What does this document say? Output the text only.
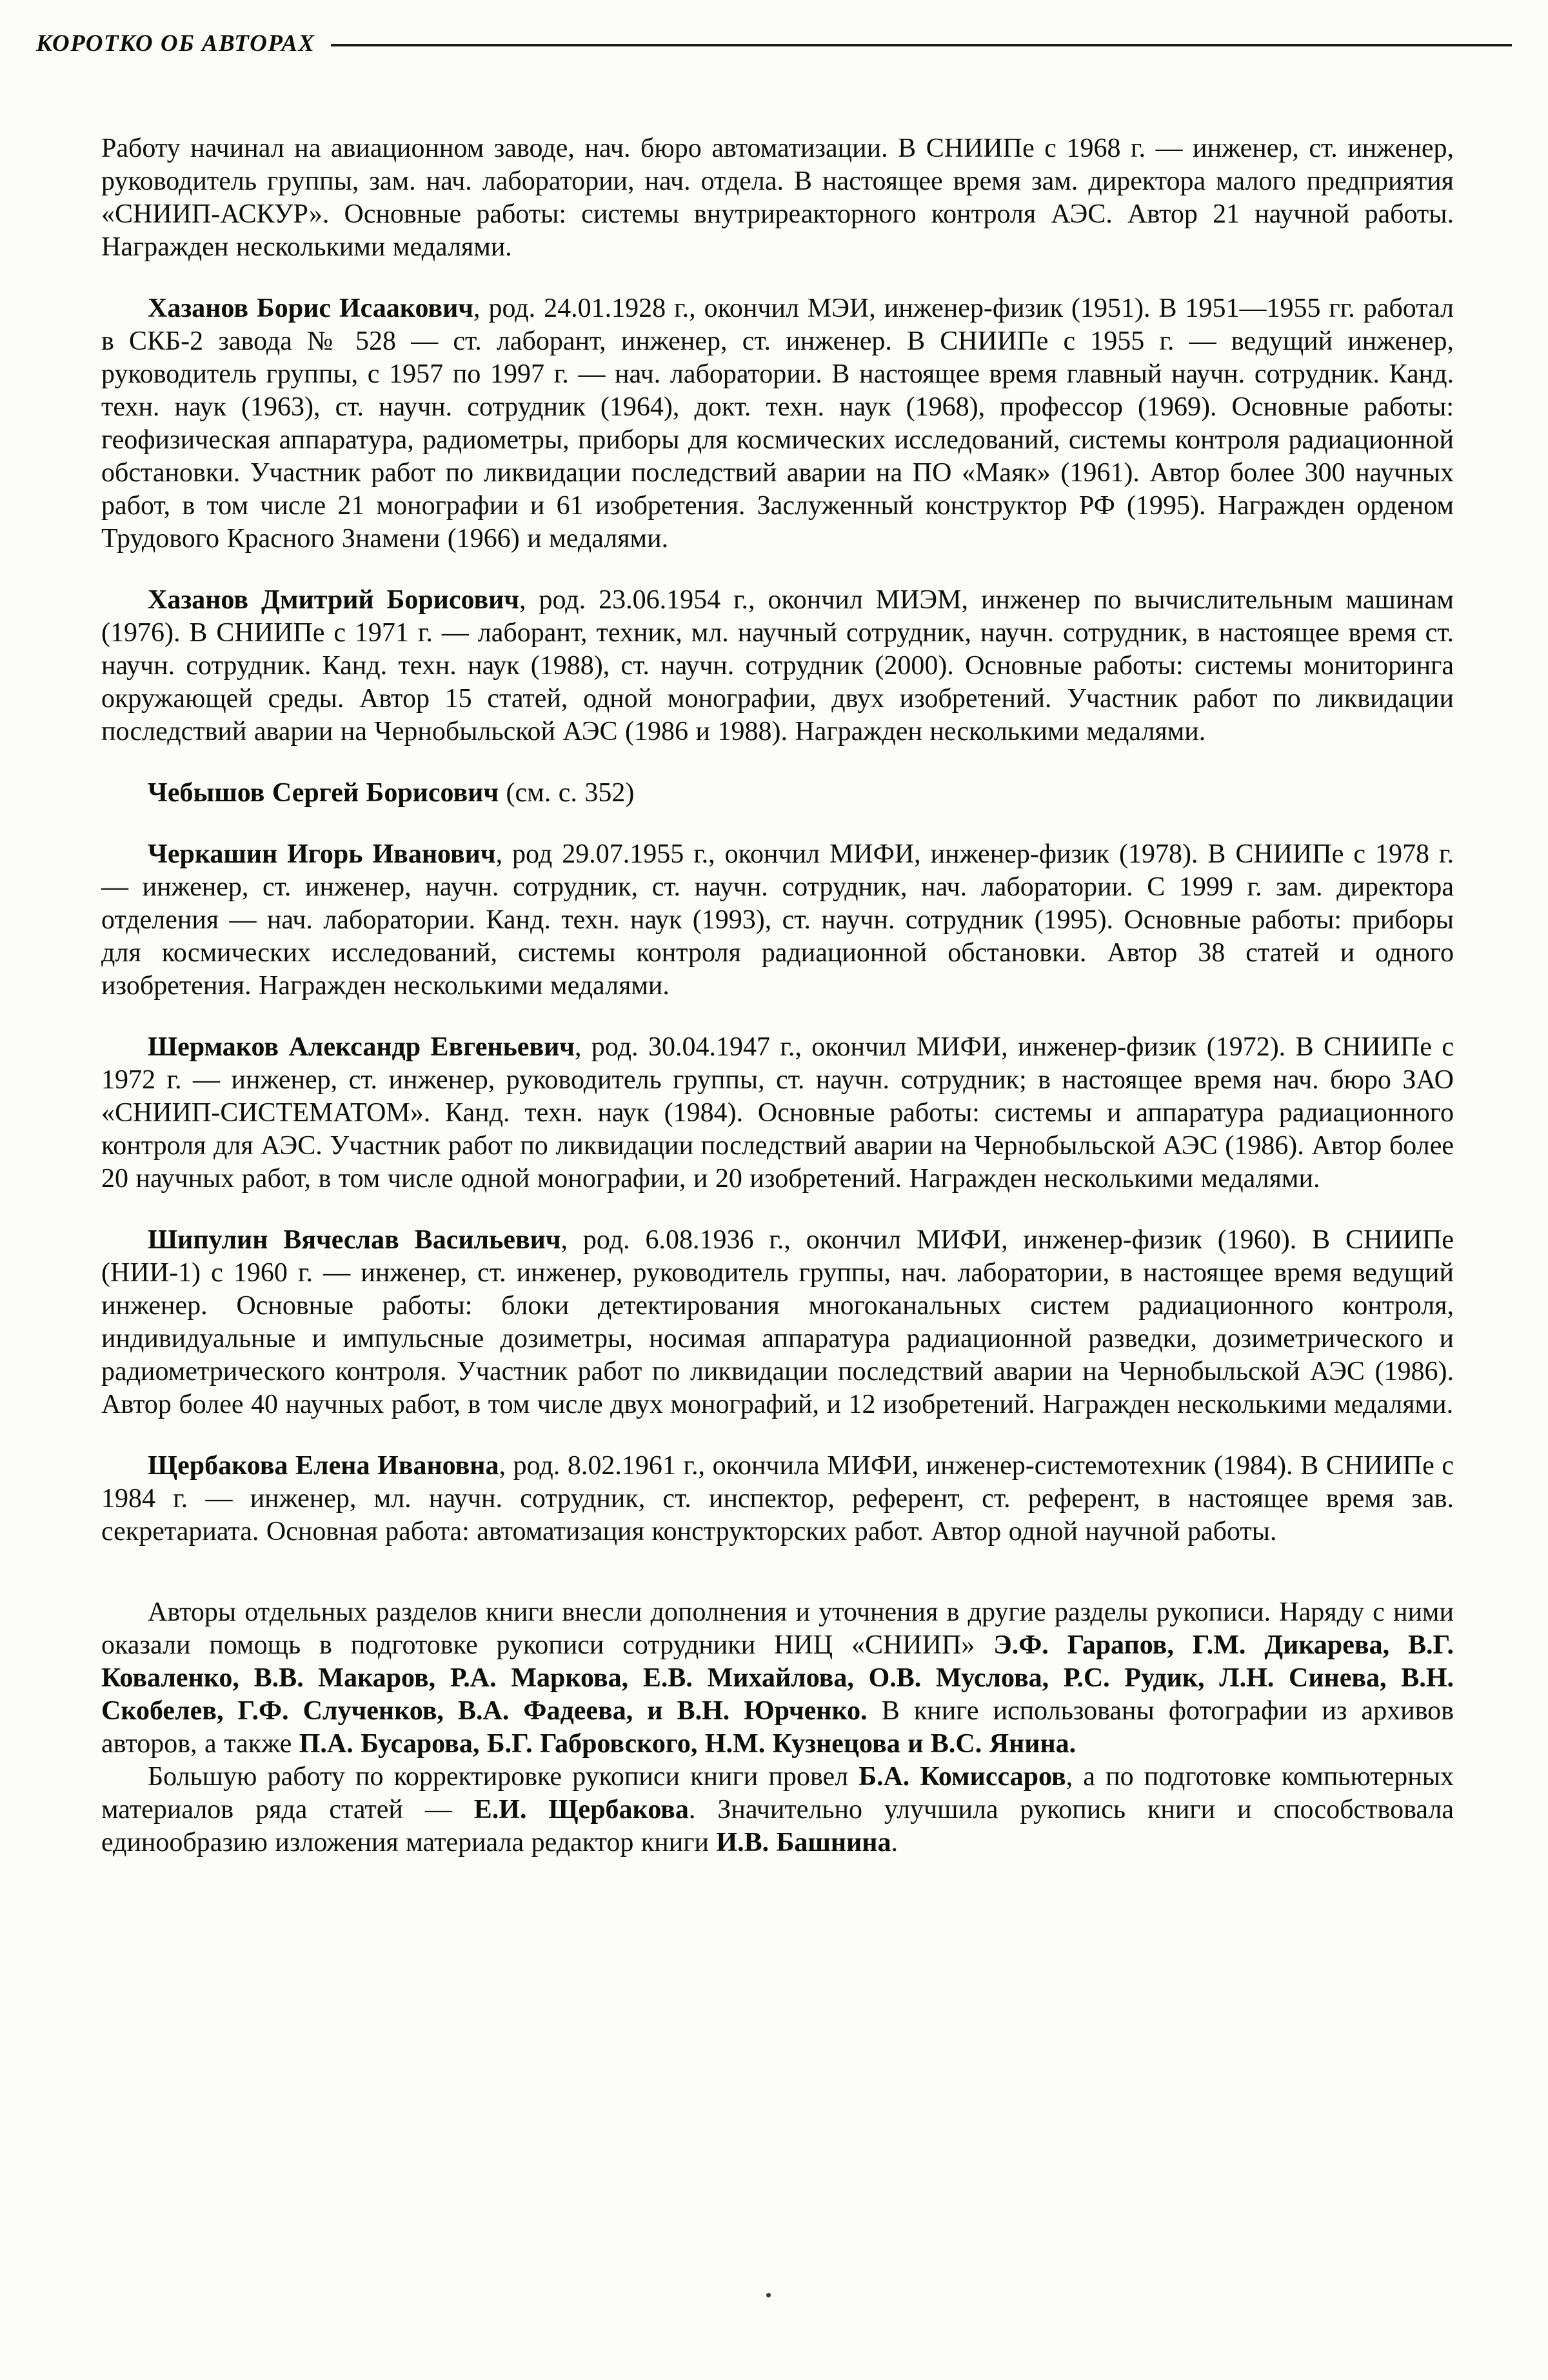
КОРОТКО ОБ АВТОРАХ

Работу начинал на авиационном заводе, нач. бюро автоматизации. В СНИИПе с 1968 г. — инженер, ст. инженер, руководитель группы, зам. нач. лаборатории, нач. отдела. В настоящее время зам. директора малого предприятия «СНИИП-АСКУР». Основные работы: системы внутриреакторного контроля АЭС. Автор 21 научной работы. Награжден несколькими медалями.

Хазанов Борис Исаакович, род. 24.01.1928 г., окончил МЭИ, инженер-физик (1951). В 1951—1955 гг. работал в СКБ-2 завода № 528 — ст. лаборант, инженер, ст. инженер. В СНИИПе с 1955 г. — ведущий инженер, руководитель группы, с 1957 по 1997 г. — нач. лаборатории. В настоящее время главный научн. сотрудник. Канд. техн. наук (1963), ст. научн. сотрудник (1964), докт. техн. наук (1968), профессор (1969). Основные работы: геофизическая аппаратура, радиометры, приборы для космических исследований, системы контроля радиационной обстановки. Участник работ по ликвидации последствий аварии на ПО «Маяк» (1961). Автор более 300 научных работ, в том числе 21 монографии и 61 изобретения. Заслуженный конструктор РФ (1995). Награжден орденом Трудового Красного Знамени (1966) и медалями.

Хазанов Дмитрий Борисович, род. 23.06.1954 г., окончил МИЭМ, инженер по вычислительным машинам (1976). В СНИИПе с 1971 г. — лаборант, техник, мл. научный сотрудник, научн. сотрудник, в настоящее время ст. научн. сотрудник. Канд. техн. наук (1988), ст. научн. сотрудник (2000). Основные работы: системы мониторинга окружающей среды. Автор 15 статей, одной монографии, двух изобретений. Участник работ по ликвидации последствий аварии на Чернобыльской АЭС (1986 и 1988). Награжден несколькими медалями.

Чебышов Сергей Борисович (см. с. 352)

Черкашин Игорь Иванович, род 29.07.1955 г., окончил МИФИ, инженер-физик (1978). В СНИИПе с 1978 г. — инженер, ст. инженер, научн. сотрудник, ст. научн. сотрудник, нач. лаборатории. С 1999 г. зам. директора отделения — нач. лаборатории. Канд. техн. наук (1993), ст. научн. сотрудник (1995). Основные работы: приборы для космических исследований, системы контроля радиационной обстановки. Автор 38 статей и одного изобретения. Награжден несколькими медалями.

Шермаков Александр Евгеньевич, род. 30.04.1947 г., окончил МИФИ, инженер-физик (1972). В СНИИПе с 1972 г. — инженер, ст. инженер, руководитель группы, ст. научн. сотрудник; в настоящее время нач. бюро ЗАО «СНИИП-СИСТЕМАТОМ». Канд. техн. наук (1984). Основные работы: системы и аппаратура радиационного контроля для АЭС. Участник работ по ликвидации последствий аварии на Чернобыльской АЭС (1986). Автор более 20 научных работ, в том числе одной монографии, и 20 изобретений. Награжден несколькими медалями.

Шипулин Вячеслав Васильевич, род. 6.08.1936 г., окончил МИФИ, инженер-физик (1960). В СНИИПе (НИИ-1) с 1960 г. — инженер, ст. инженер, руководитель группы, нач. лаборатории, в настоящее время ведущий инженер. Основные работы: блоки детектирования многоканальных систем радиационного контроля, индивидуальные и импульсные дозиметры, носимая аппаратура радиационной разведки, дозиметрического и радиометрического контроля. Участник работ по ликвидации последствий аварии на Чернобыльской АЭС (1986). Автор более 40 научных работ, в том числе двух монографий, и 12 изобретений. Награжден несколькими медалями.

Щербакова Елена Ивановна, род. 8.02.1961 г., окончила МИФИ, инженер-системотехник (1984). В СНИИПе с 1984 г. — инженер, мл. научн. сотрудник, ст. инспектор, референт, ст. референт, в настоящее время зав. секретариата. Основная работа: автоматизация конструкторских работ. Автор одной научной работы.

Авторы отдельных разделов книги внесли дополнения и уточнения в другие разделы рукописи. Наряду с ними оказали помощь в подготовке рукописи сотрудники НИЦ «СНИИП» Э.Ф. Гарапов, Г.М. Дикарева, В.Г. Коваленко, В.В. Макаров, Р.А. Маркова, Е.В. Михайлова, О.В. Муслова, Р.С. Рудик, Л.Н. Синева, В.Н. Скобелев, Г.Ф. Слученков, В.А. Фадеева, и В.Н. Юрченко. В книге использованы фотографии из архивов авторов, а также П.А. Бусарова, Б.Г. Габровского, Н.М. Кузнецова и В.С. Янина.

Большую работу по корректировке рукописи книги провел Б.А. Комиссаров, а по подготовке компьютерных материалов ряда статей — Е.И. Щербакова. Значительно улучшила рукопись книги и способствовала единообразию изложения материала редактор книги И.В. Башнина.
